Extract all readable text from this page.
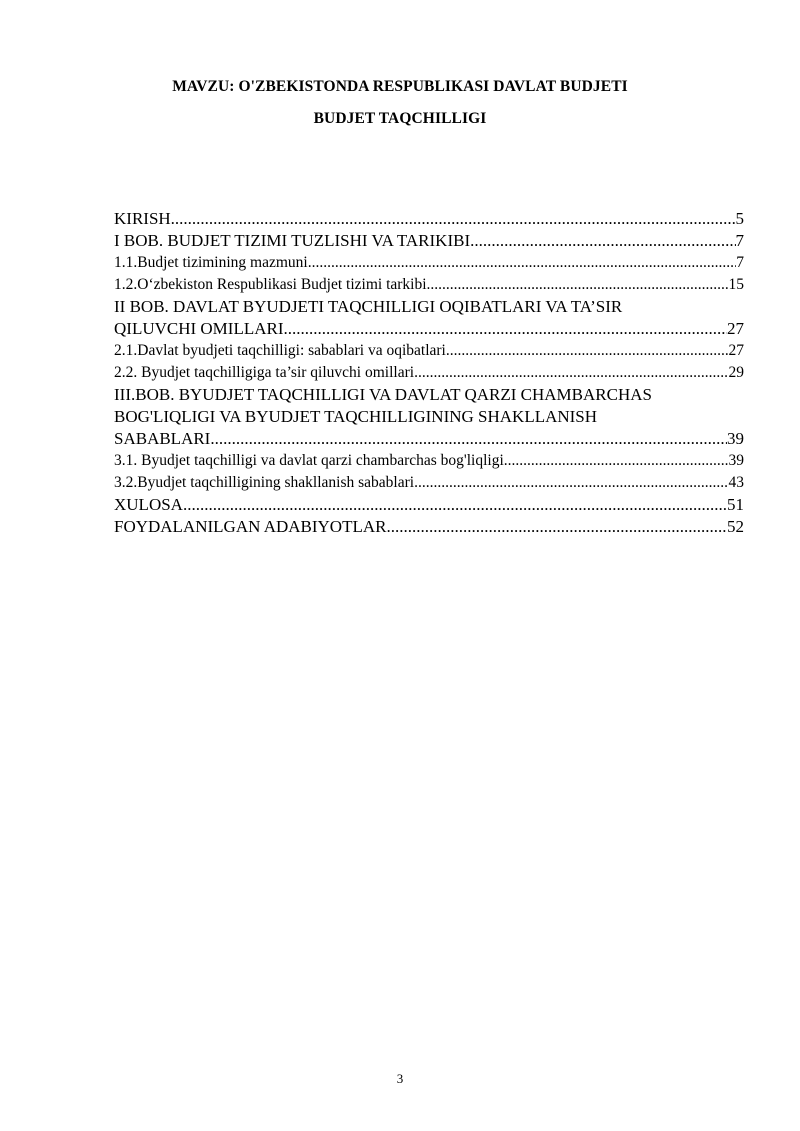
MAVZU: O'ZBEKISTONDA RESPUBLIKASI DAVLAT BUDJETI
BUDJET TAQCHILLIGI
KIRISH .....	5
I BOB. BUDJET TIZIMI TUZLISHI VA TARIKIBI .....	7
1.1.Budjet tizimining mazmuni .....	7
1.2.O‘zbekiston Respublikasi Budjet tizimi tarkibi .....	15
II BOB. DAVLAT BYUDJETI TAQCHILLIGI OQIBATLARI VA TA’SIR
QILUVCHI OMILLARI .....	27
2.1.Davlat byudjeti taqchilligi: sabablari va oqibatlari .....	27
2.2. Byudjet taqchilligiga ta’sir qiluvchi omillari .....	29
III.BOB. BYUDJET TAQCHILLIGI VA DAVLAT QARZI CHAMBARCHAS
BOG'LIQLIGI VA BYUDJET TAQCHILLIGINING SHAKLLANISH
SABABLARI .....	39
3.1. Byudjet taqchilligi va davlat qarzi chambarchas bog'liqligi .....	39
3.2.Byudjet taqchilligining shakllanish sabablari .....	43
XULOSA .....	51
FOYDALANILGAN ADABIYOTLAR .....	52
3
